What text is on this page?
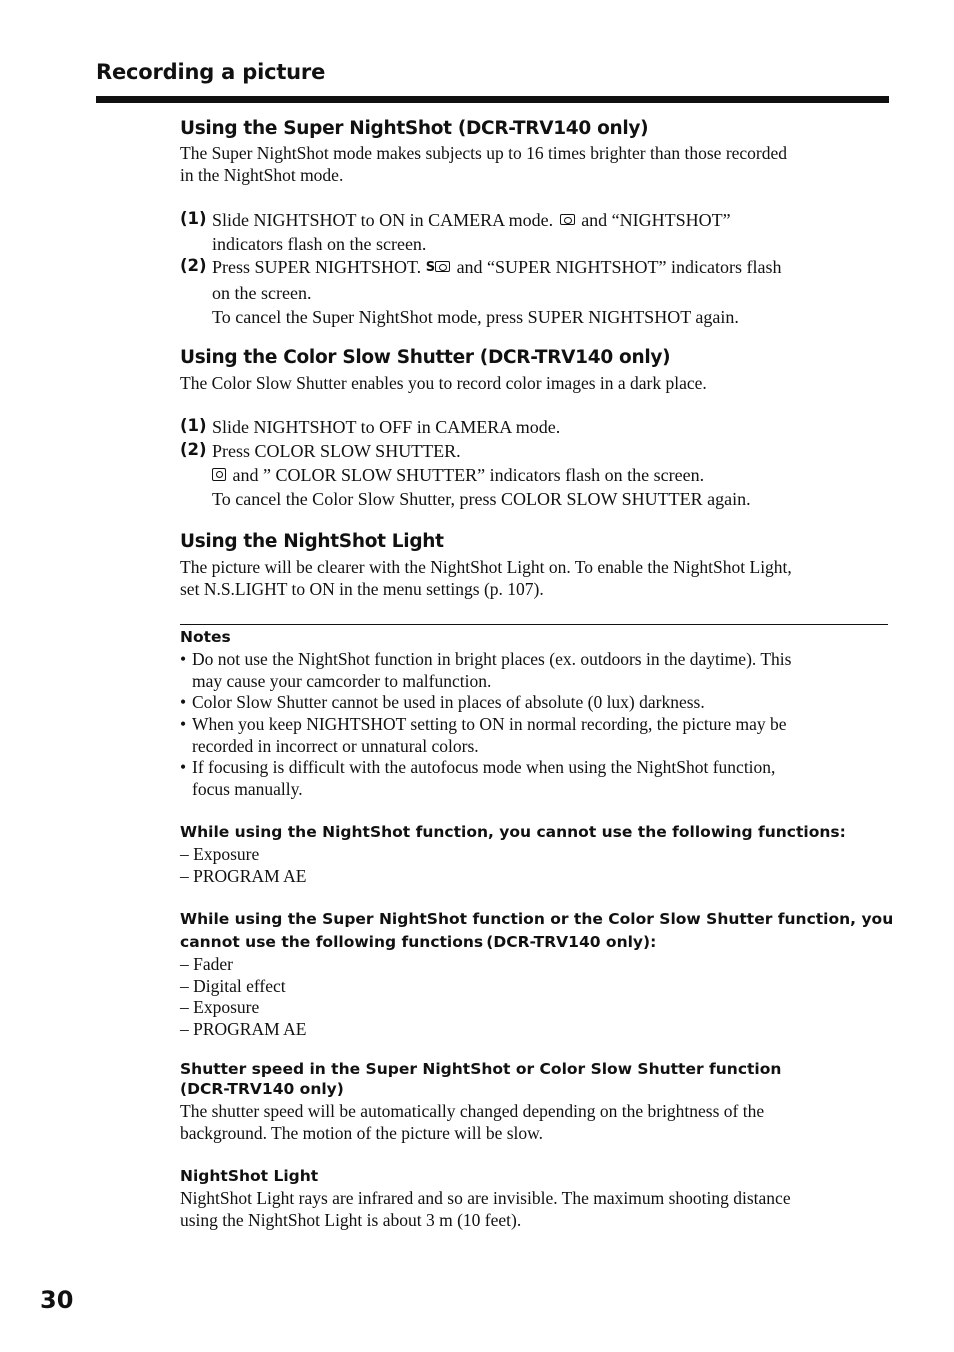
Recording a picture
Using the Super NightShot (DCR-TRV140 only)
The Super NightShot mode makes subjects up to 16 times brighter than those recorded
in the NightShot mode.
(1) Slide NIGHTSHOT to ON in CAMERA mode. and “NIGHTSHOT”
indicators flash on the screen.
(2) Press SUPER NIGHTSHOT. S and “SUPER NIGHTSHOT” indicators flash
on the screen.
To cancel the Super NightShot mode, press SUPER NIGHTSHOT again.
Using the Color Slow Shutter (DCR-TRV140 only)
The Color Slow Shutter enables you to record color images in a dark place.
(1) Slide NIGHTSHOT to OFF in CAMERA mode.
(2) Press COLOR SLOW SHUTTER.
and ” COLOR SLOW SHUTTER” indicators flash on the screen.
To cancel the Color Slow Shutter, press COLOR SLOW SHUTTER again.
Using the NightShot Light
The picture will be clearer with the NightShot Light on. To enable the NightShot Light,
set N.S.LIGHT to ON in the menu settings (p. 107).
Notes
• Do not use the NightShot function in bright places (ex. outdoors in the daytime). This
may cause your camcorder to malfunction.
• Color Slow Shutter cannot be used in places of absolute (0 lux) darkness.
• When you keep NIGHTSHOT setting to ON in normal recording, the picture may be
recorded in incorrect or unnatural colors.
• If focusing is difficult with the autofocus mode when using the NightShot function,
focus manually.
While using the NightShot function, you cannot use the following functions:
– Exposure
– PROGRAM AE
While using the Super NightShot function or the Color Slow Shutter function, you
cannot use the following functions (DCR-TRV140 only):
– Fader
– Digital effect
– Exposure
– PROGRAM AE
Shutter speed in the Super NightShot or Color Slow Shutter function
(DCR-TRV140 only)
The shutter speed will be automatically changed depending on the brightness of the
background. The motion of the picture will be slow.
NightShot Light
NightShot Light rays are infrared and so are invisible. The maximum shooting distance
using the NightShot Light is about 3 m (10 feet).
30
